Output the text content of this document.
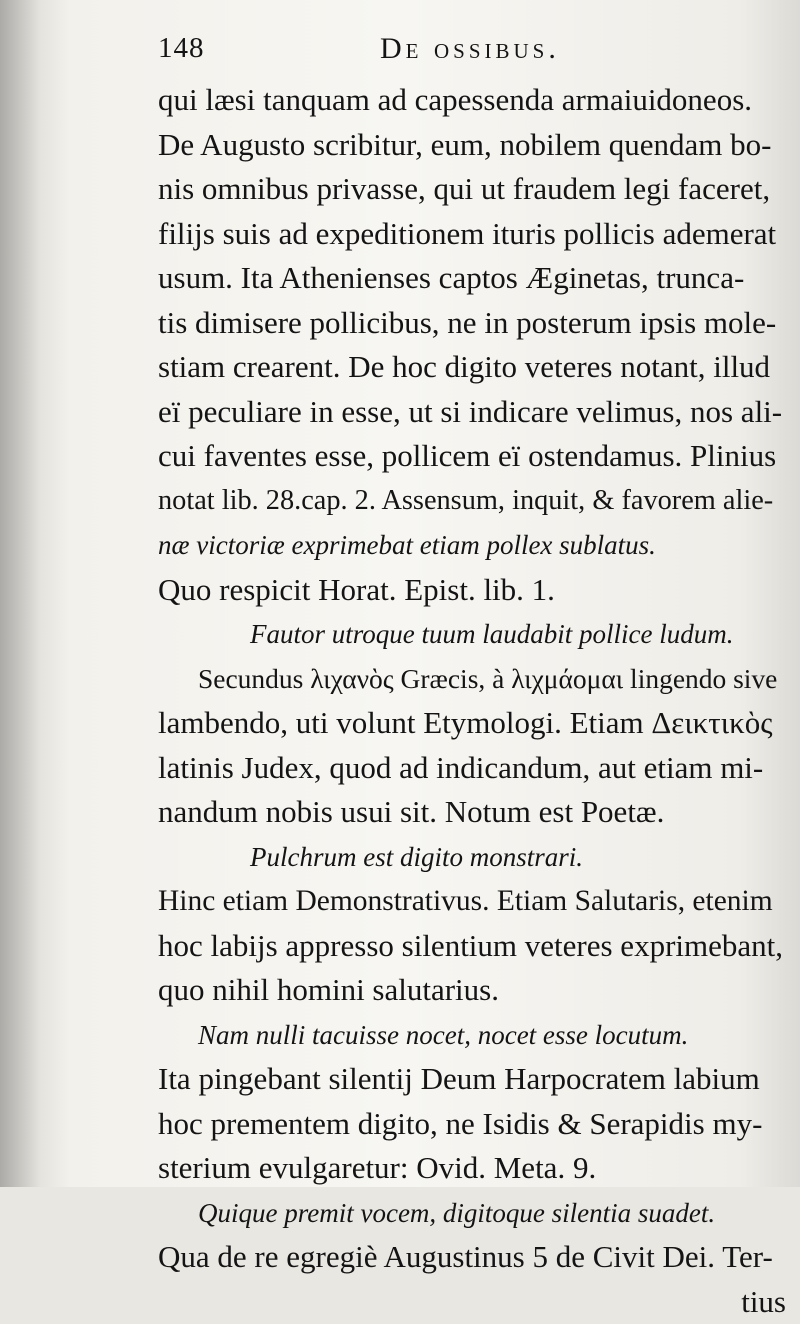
148	De ossibus.
qui læsi tanquam ad capessenda armaiuidoneos.
De Augusto scribitur, eum, nobilem quendam bo-
nis omnibus privasse, qui ut fraudem legi faceret,
filijs suis ad expeditionem ituris pollicis ademerat
usum. Ita Athenienses captos Æginetas, trunca-
tis dimisere pollicibus, ne in posterum ipsis mole-
stiam crearent. De hoc digito veteres notant, illud
eï peculiare in esse, ut si indicare velimus, nos ali-
cui faventes esse, pollicem eï ostendamus. Plinius
notat lib. 28.cap. 2. Assensum, inquit, & favorem alie-
næ victoriæ exprimebat etiam pollex sublatus.
Quo respicit Horat. Epist. lib. 1.
Fautor utroque tuum laudabit pollice ludum.
Secundus λιχανὸς Græcis, à λιχμάομαι lingendo sive
lambendo, uti volunt Etymologi. Etiam Δεικτικὸς
latinis Judex, quod ad indicandum, aut etiam mi-
nandum nobis usui sit. Notum est Poetæ.
Pulchrum est digito monstrari.
Hinc etiam Demonstrativus. Etiam Salutaris, etenim
hoc labijs appresso silentium veteres exprimebant,
quo nihil homini salutarius.
Nam nulli tacuisse nocet, nocet esse locutum.
Ita pingebant silentij Deum Harpocratem labium
hoc prementem digito, ne Isidis & Serapidis my-
sterium evulgaretur: Ovid. Meta. 9.
Quique premit vocem, digitoque silentia suadet.
Qua de re egregiè Augustinus 5 de Civit Dei. Ter-
tius
